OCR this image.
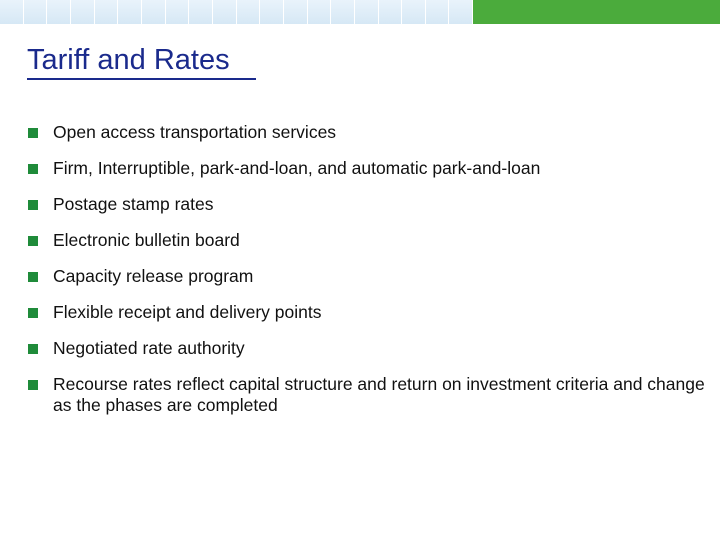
Tariff and Rates
Open access transportation services
Firm, Interruptible, park-and-loan, and automatic park-and-loan
Postage stamp rates
Electronic bulletin board
Capacity release program
Flexible receipt and delivery points
Negotiated rate authority
Recourse rates reflect capital structure and return on investment criteria and change as the phases are completed
